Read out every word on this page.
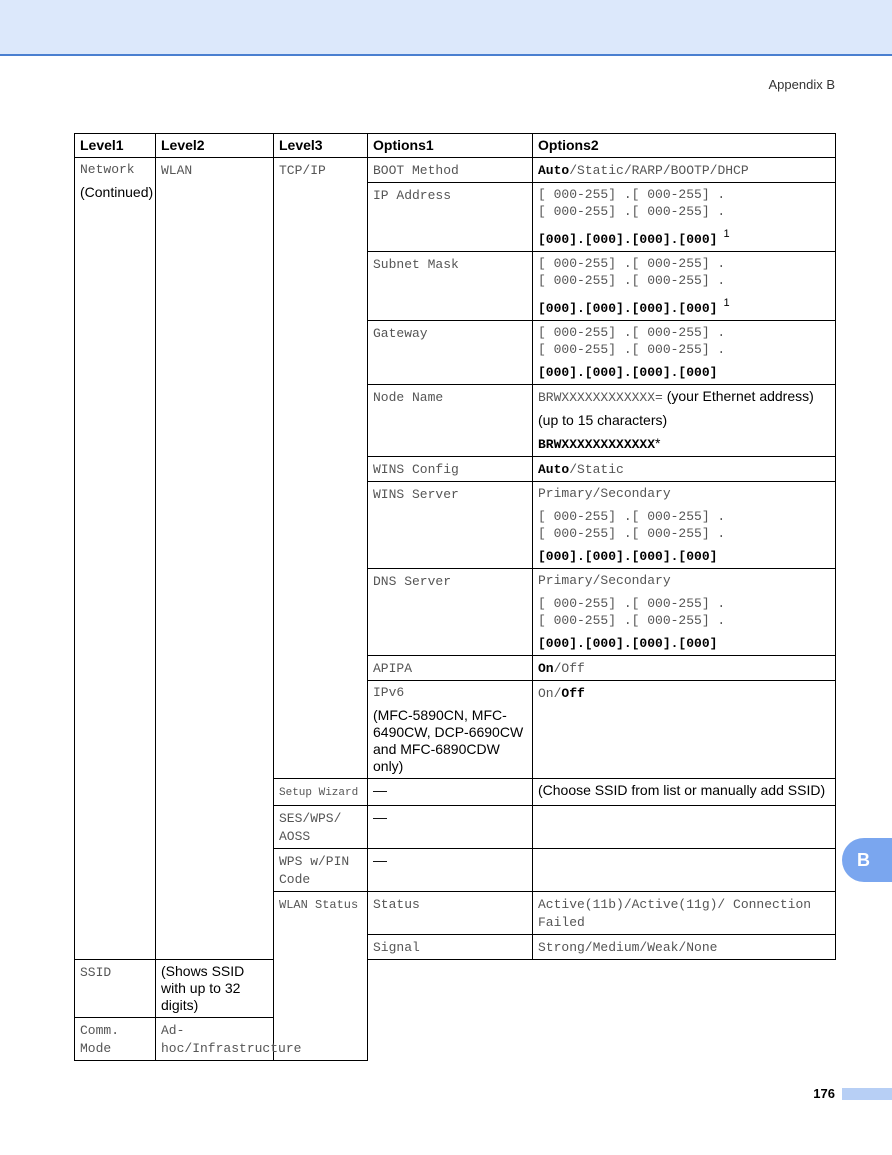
Appendix B
Level1	Level2	Level3	Options1	Options2

Network
(Continued)	WLAN	TCP/IP	BOOT Method	Auto/Static/RARP/BOOTP/DHCP
			IP Address	[ 000-255] .[ 000-255] .
[ 000-255] .[ 000-255] .
[000].[000].[000].[000] $^1$

			Subnet Mask	[ 000-255] .[ 000-255] .
[ 000-255] .[ 000-255] .
[000].[000].[000].[000] $^1$

			Gateway	[ 000-255] .[ 000-255] .
[ 000-255] .[ 000-255] .
[000].[000].[000].[000]

			Node Name	BRWXXXXXXXXXXXX= (your Ethernet address)
(up to 15 characters)
BRWXXXXXXXXXXXX*

			WINS Config	Auto/Static
			WINS Server	Primary/Secondary
[ 000-255] .[ 000-255] .
[ 000-255] .[ 000-255] .
[000].[000].[000].[000]

			DNS Server	Primary/Secondary
[ 000-255] .[ 000-255] .
[ 000-255] .[ 000-255] .
[000].[000].[000].[000]

			APIPA	On/Off

			IPv6
(MFC-5890CN, MFC-6490CW, DCP-6690CW and MFC-6890CDW only)	On/Off
		Setup Wizard	—	(Choose SSID from list or manually add SSID)
		SES/WPS/ AOSS	—	
		WPS w/PIN Code	—	
		WLAN Status	Status	Active(11b)/Active(11g)/ Connection Failed
			Signal	Strong/Medium/Weak/None
SSID	(Shows SSID with up to 32 digits)			
Comm. Mode	Ad-hoc/Infrastructure			
B
176
